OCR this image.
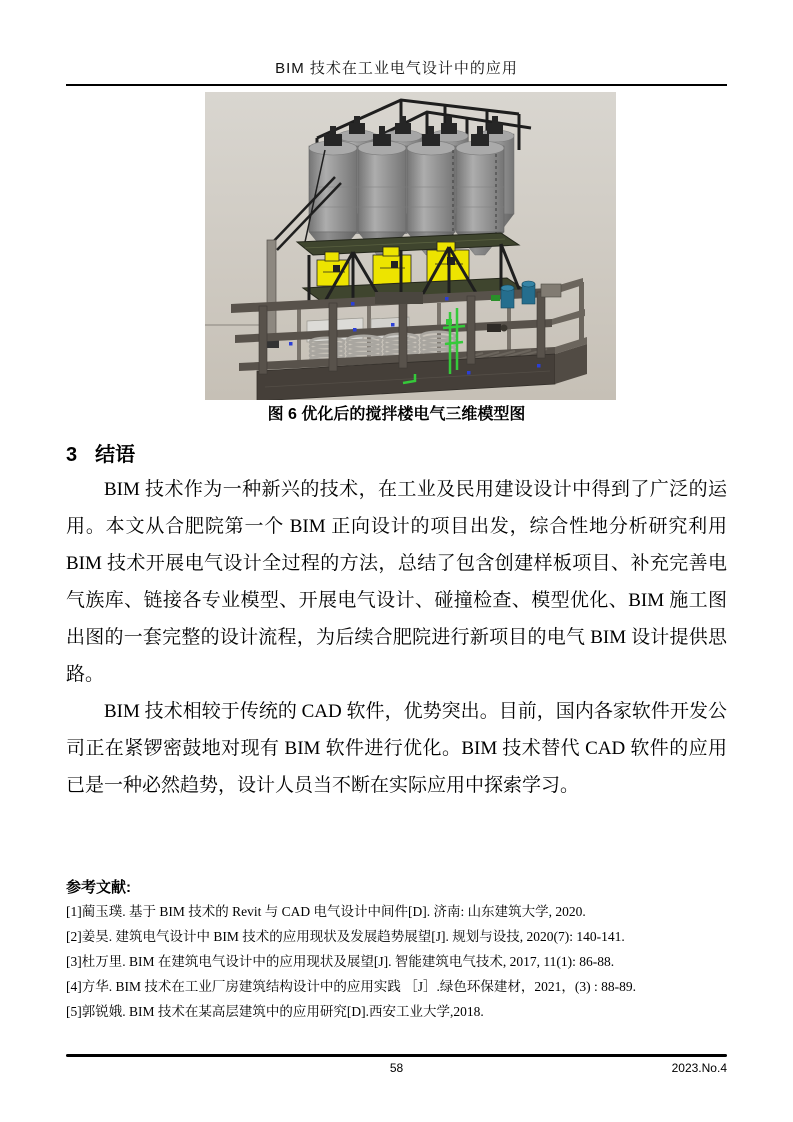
BIM 技术在工业电气设计中的应用
图 6 优化后的搅拌楼电气三维模型图
3 结语

BIM 技术作为一种新兴的技术，在工业及民用建设设计中得到了广泛的运用。本文从合肥院第一个 BIM 正向设计的项目出发，综合性地分析研究利用 BIM 技术开展电气设计全过程的方法，总结了包含创建样板项目、补充完善电气族库、链接各专业模型、开展电气设计、碰撞检查、模型优化、BIM 施工图出图的一套完整的设计流程，为后续合肥院进行新项目的电气 BIM 设计提供思路。

BIM 技术相较于传统的 CAD 软件，优势突出。目前，国内各家软件开发公司正在紧锣密鼓地对现有 BIM 软件进行优化。BIM 技术替代 CAD 软件的应用已是一种必然趋势，设计人员当不断在实际应用中探索学习。

参考文献:
[1]蔺玉璞. 基于 BIM 技术的 Revit 与 CAD 电气设计中间件[D]. 济南: 山东建筑大学, 2020.
[2]姜昊. 建筑电气设计中 BIM 技术的应用现状及发展趋势展望[J]. 规划与设技, 2020(7): 140-141.
[3]杜万里. BIM 在建筑电气设计中的应用现状及展望[J]. 智能建筑电气技术, 2017, 11(1): 86-88.
[4]方华. BIM 技术在工业厂房建筑结构设计中的应用实践 ［J］.绿色环保建材，2021，(3) : 88-89.
[5]郭锐娥. BIM 技术在某高层建筑中的应用研究[D].西安工业大学,2018.
58	2023.No.4
